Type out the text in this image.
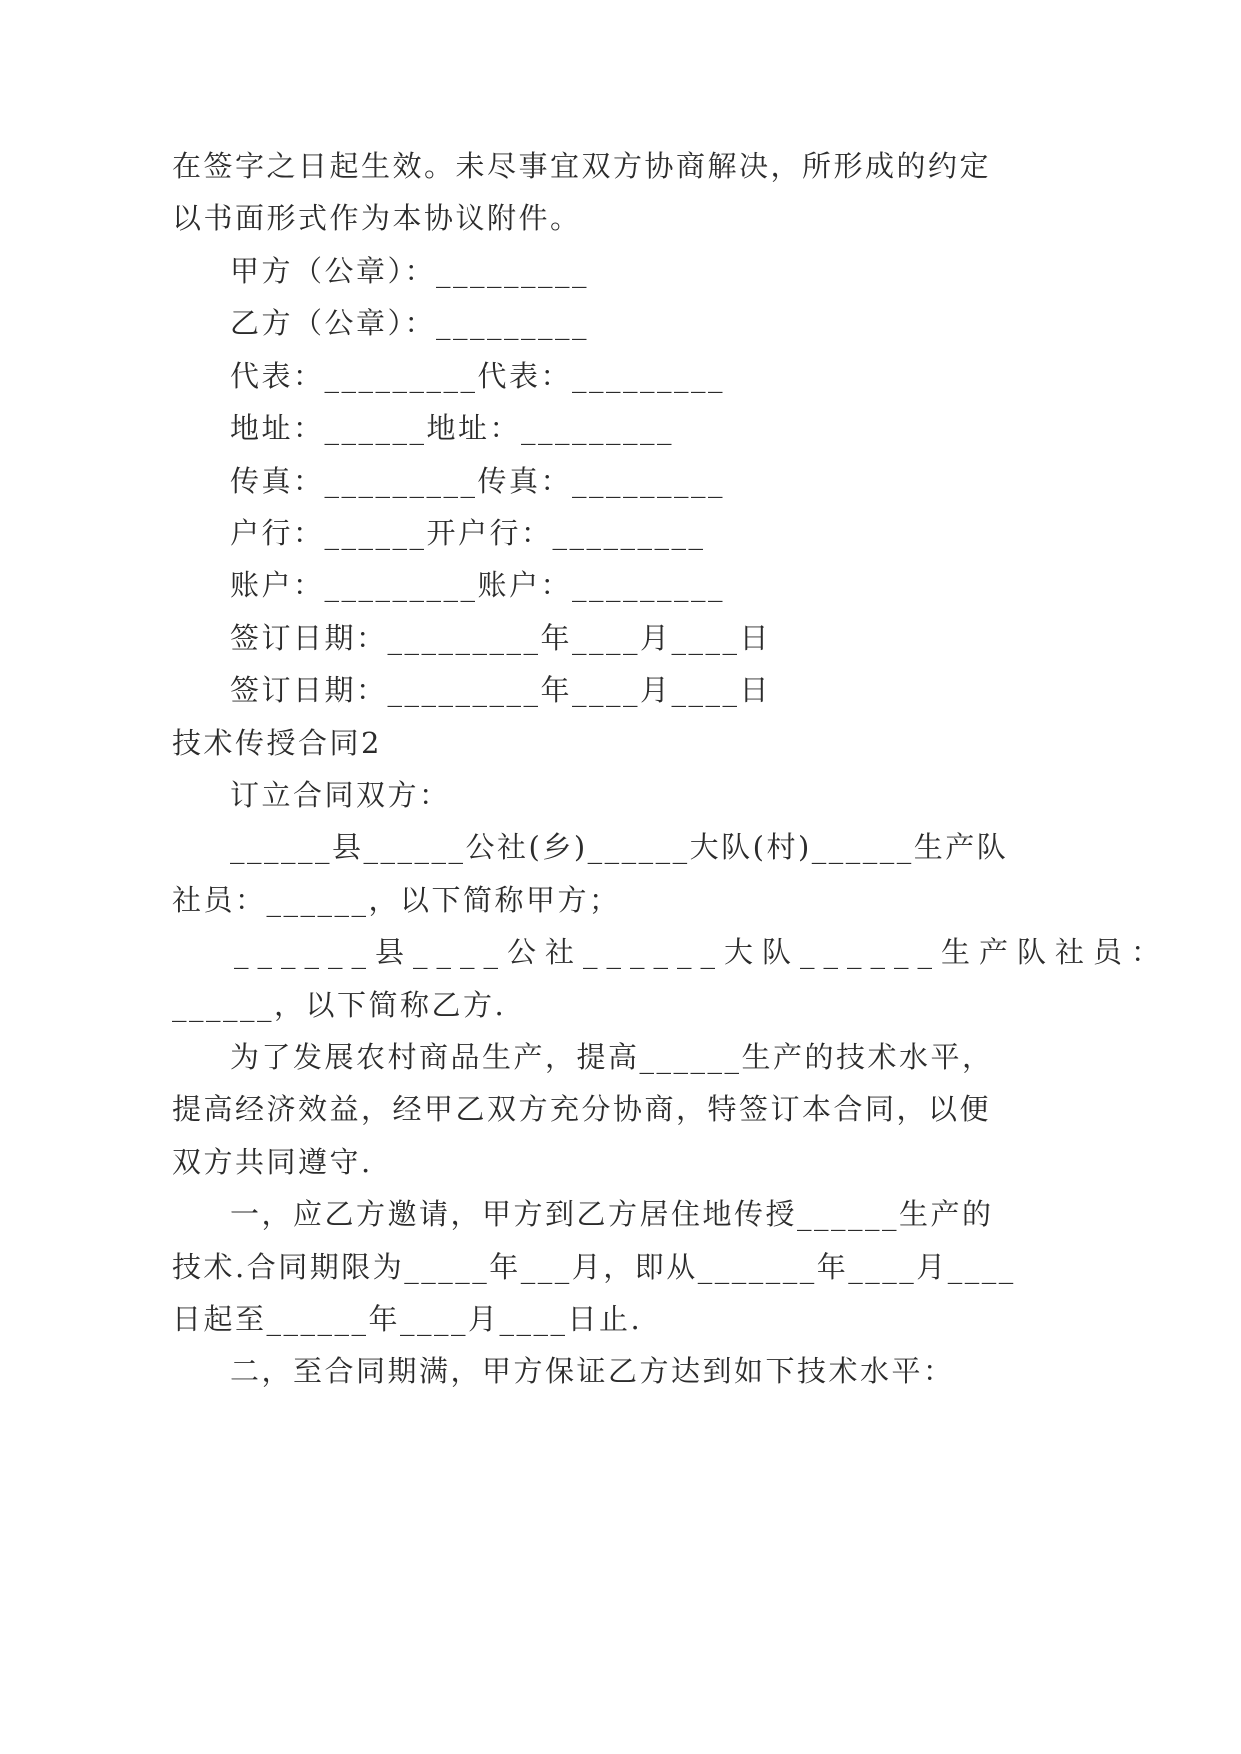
在签字之日起生效。未尽事宜双方协商解决，所形成的约定
以书面形式作为本协议附件。
甲方（公章）：_________
乙方（公章）：_________
代表：_________代表：_________
地址：______地址：_________
传真：_________传真：_________
户行：______开户行：_________
账户：_________账户：_________
签订日期：_________年____月____日
签订日期：_________年____月____日
技术传授合同2
订立合同双方：
______县______公社(乡)______大队(村)______生产队
社员：______，以下简称甲方；
______县____公社______大队______生产队社员：
______，以下简称乙方.
为了发展农村商品生产，提高______生产的技术水平，
提高经济效益，经甲乙双方充分协商，特签订本合同，以便
双方共同遵守.
一，应乙方邀请，甲方到乙方居住地传授______生产的
技术.合同期限为_____年___月，即从_______年____月____
日起至______年____月____日止.
二，至合同期满，甲方保证乙方达到如下技术水平：
